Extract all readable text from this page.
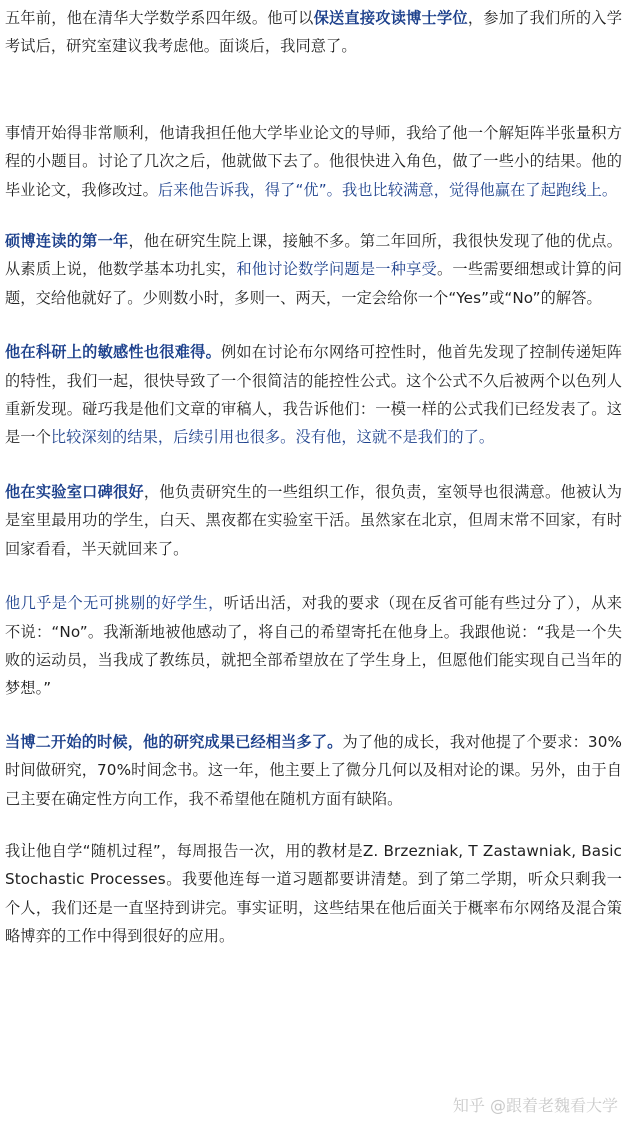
五年前，他在清华大学数学系四年级。他可以保送直接攻读博士学位，参加了我们所的入学考试后，研究室建议我考虑他。面谈后，我同意了。

事情开始得非常顺利，他请我担任他大学毕业论文的导师，我给了他一个解矩阵半张量积方程的小题目。讨论了几次之后，他就做下去了。他很快进入角色，做了一些小的结果。他的毕业论文，我修改过。后来他告诉我，得了“优”。我也比较满意，觉得他赢在了起跑线上。

硕博连读的第一年，他在研究生院上课，接触不多。第二年回所，我很快发现了他的优点。从素质上说，他数学基本功扎实，和他讨论数学问题是一种享受。一些需要细想或计算的问题，交给他就好了。少则数小时，多则一、两天，一定会给你一个“Yes”或“No”的解答。

他在科研上的敏感性也很难得。例如在讨论布尔网络可控性时，他首先发现了控制传递矩阵的特性，我们一起，很快导致了一个很简洁的能控性公式。这个公式不久后被两个以色列人重新发现。碰巧我是他们文章的审稿人，我告诉他们：一模一样的公式我们已经发表了。这是一个比较深刻的结果，后续引用也很多。没有他，这就不是我们的了。

他在实验室口碑很好，他负责研究生的一些组织工作，很负责，室领导也很满意。他被认为是室里最用功的学生，白天、黑夜都在实验室干活。虽然家在北京，但周末常不回家，有时回家看看，半天就回来了。

他几乎是个无可挑剔的好学生，听话出活，对我的要求（现在反省可能有些过分了），从来不说：“No”。我渐渐地被他感动了，将自己的希望寄托在他身上。我跟他说：“我是一个失败的运动员，当我成了教练员，就把全部希望放在了学生身上，但愿他们能实现自己当年的梦想。”

当博二开始的时候，他的研究成果已经相当多了。为了他的成长，我对他提了个要求：30%时间做研究，70%时间念书。这一年，他主要上了微分几何以及相对论的课。另外，由于自己主要在确定性方向工作，我不希望他在随机方面有缺陷。

我让他自学“随机过程”，每周报告一次，用的教材是Z. Brzezniak, T Zastawniak, Basic Stochastic Processes。我要他连每一道习题都要讲清楚。到了第二学期，听众只剩我一个人，我们还是一直坚持到讲完。事实证明，这些结果在他后面关于概率布尔网络及混合策略博弈的工作中得到很好的应用。

知乎 @跟着老魏看大学
